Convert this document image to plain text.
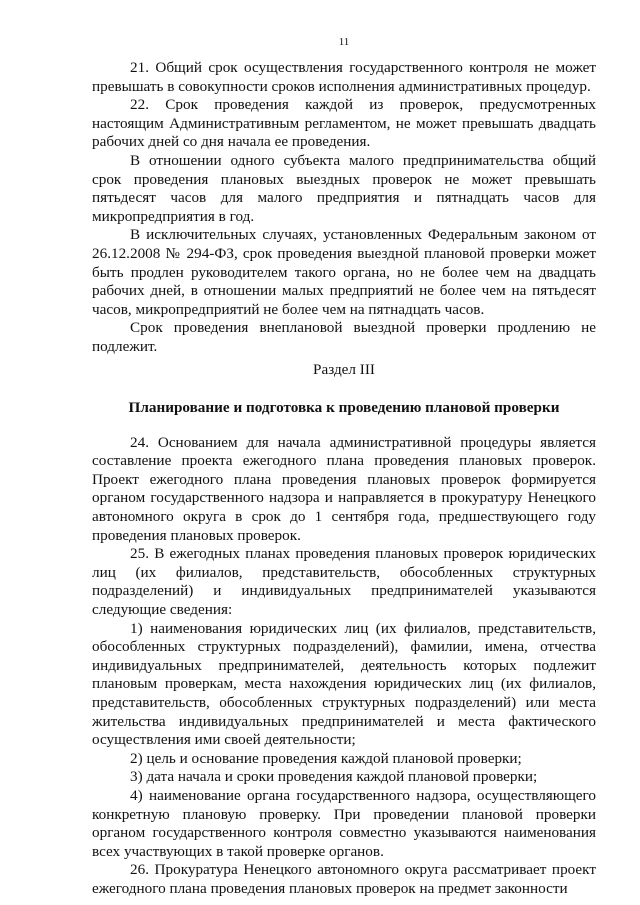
11

21. Общий срок осуществления государственного контроля не может превышать в совокупности сроков исполнения административных процедур.

22. Срок проведения каждой из проверок, предусмотренных настоящим Административным регламентом, не может превышать двадцать рабочих дней со дня начала ее проведения.

В отношении одного субъекта малого предпринимательства общий срок проведения плановых выездных проверок не может превышать пятьдесят часов для малого предприятия и пятнадцать часов для микропредприятия в год.

В исключительных случаях, установленных Федеральным законом от 26.12.2008 № 294-ФЗ, срок проведения выездной плановой проверки может быть продлен руководителем такого органа, но не более чем на двадцать рабочих дней, в отношении малых предприятий не более чем на пятьдесят часов, микропредприятий не более чем на пятнадцать часов.

Срок проведения внеплановой выездной проверки продлению не подлежит.

Раздел III

Планирование и подготовка к проведению плановой проверки

24. Основанием для начала административной процедуры является составление проекта ежегодного плана проведения плановых проверок. Проект ежегодного плана проведения плановых проверок формируется органом государственного надзора и направляется в прокуратуру Ненецкого автономного округа в срок до 1 сентября года, предшествующего году проведения плановых проверок.

25. В ежегодных планах проведения плановых проверок юридических лиц (их филиалов, представительств, обособленных структурных подразделений) и индивидуальных предпринимателей указываются следующие сведения:

1) наименования юридических лиц (их филиалов, представительств, обособленных структурных подразделений), фамилии, имена, отчества индивидуальных предпринимателей, деятельность которых подлежит плановым проверкам, места нахождения юридических лиц (их филиалов, представительств, обособленных структурных подразделений) или места жительства индивидуальных предпринимателей и места фактического осуществления ими своей деятельности;

2) цель и основание проведения каждой плановой проверки;

3) дата начала и сроки проведения каждой плановой проверки;

4) наименование органа государственного надзора, осуществляющего конкретную плановую проверку. При проведении плановой проверки органом государственного контроля совместно указываются наименования всех участвующих в такой проверке органов.

26. Прокуратура Ненецкого автономного округа рассматривает проект ежегодного плана проведения плановых проверок на предмет законности
